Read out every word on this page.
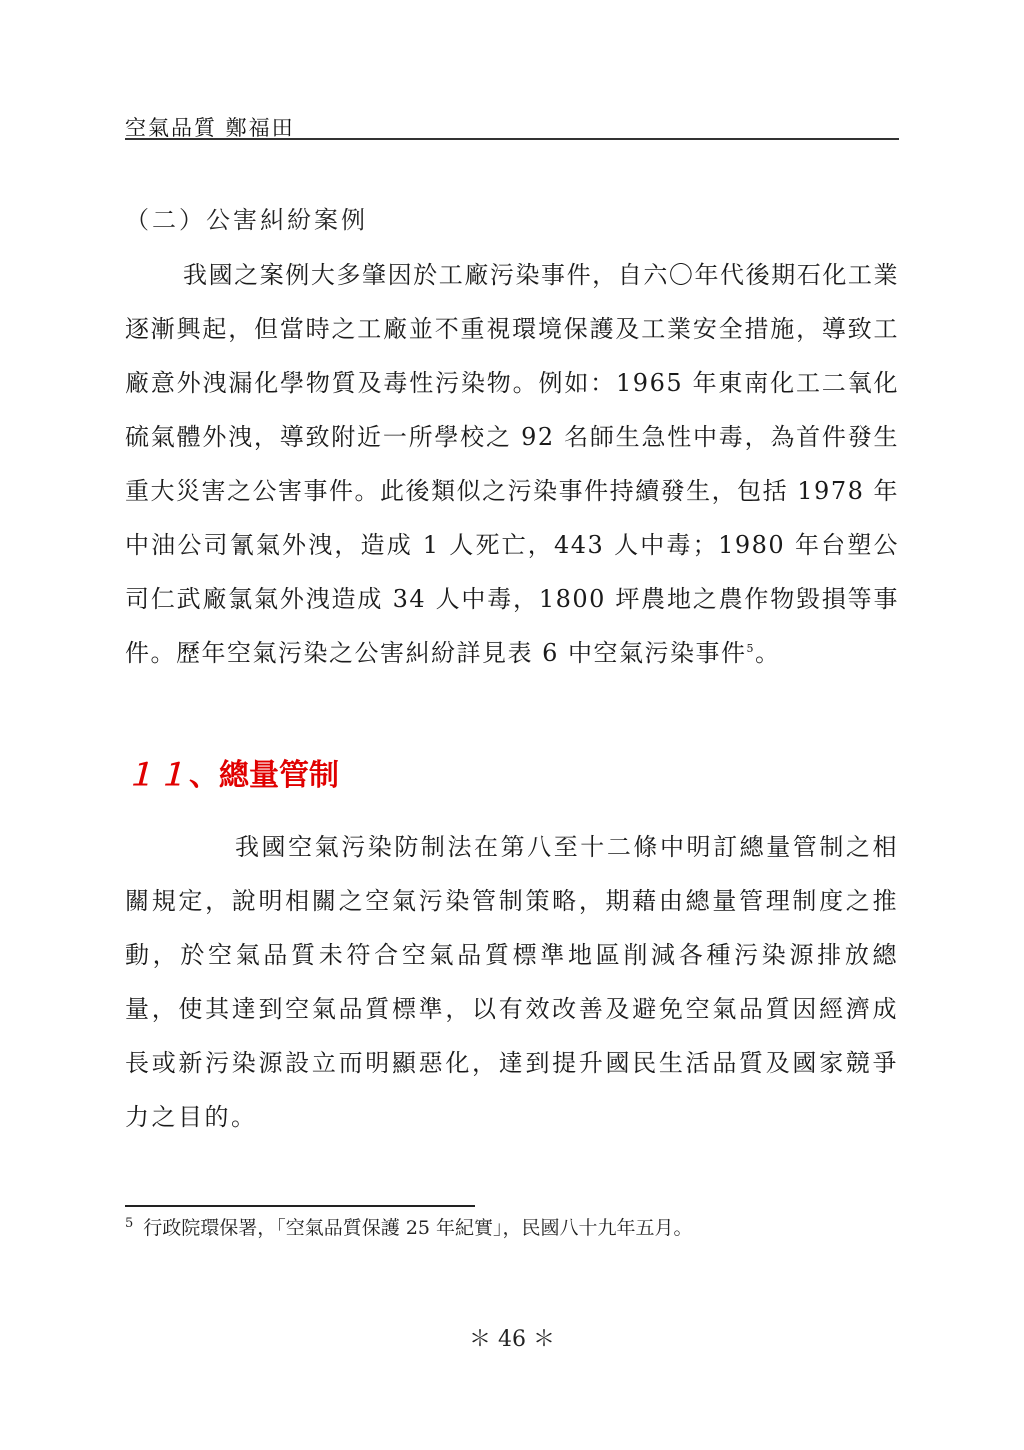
空氣品質 鄭福田
（二）公害糾紛案例

我國之案例大多肇因於工廠污染事件，自六〇年代後期石化工業逐漸興起，但當時之工廠並不重視環境保護及工業安全措施，導致工廠意外洩漏化學物質及毒性污染物。例如：1965 年東南化工二氧化硫氣體外洩，導致附近一所學校之 92 名師生急性中毒，為首件發生重大災害之公害事件。此後類似之污染事件持續發生，包括 1978 年中油公司氰氣外洩，造成 1 人死亡，443 人中毒；1980 年台塑公司仁武廠氯氣外洩造成 34 人中毒，1800 坪農地之農作物毀損等事件。歷年空氣污染之公害糾紛詳見表 6 中空氣污染事件$^5$。

１１、總量管制

我國空氣污染防制法在第八至十二條中明訂總量管制之相關規定，說明相關之空氣污染管制策略，期藉由總量管理制度之推動，於空氣品質未符合空氣品質標準地區削減各種污染源排放總量，使其達到空氣品質標準，以有效改善及避免空氣品質因經濟成長或新污染源設立而明顯惡化，達到提升國民生活品質及國家競爭力之目的。

$^5$ 行政院環保署，「空氣品質保護 25 年紀實」，民國八十九年五月。
＊ 46 ＊
